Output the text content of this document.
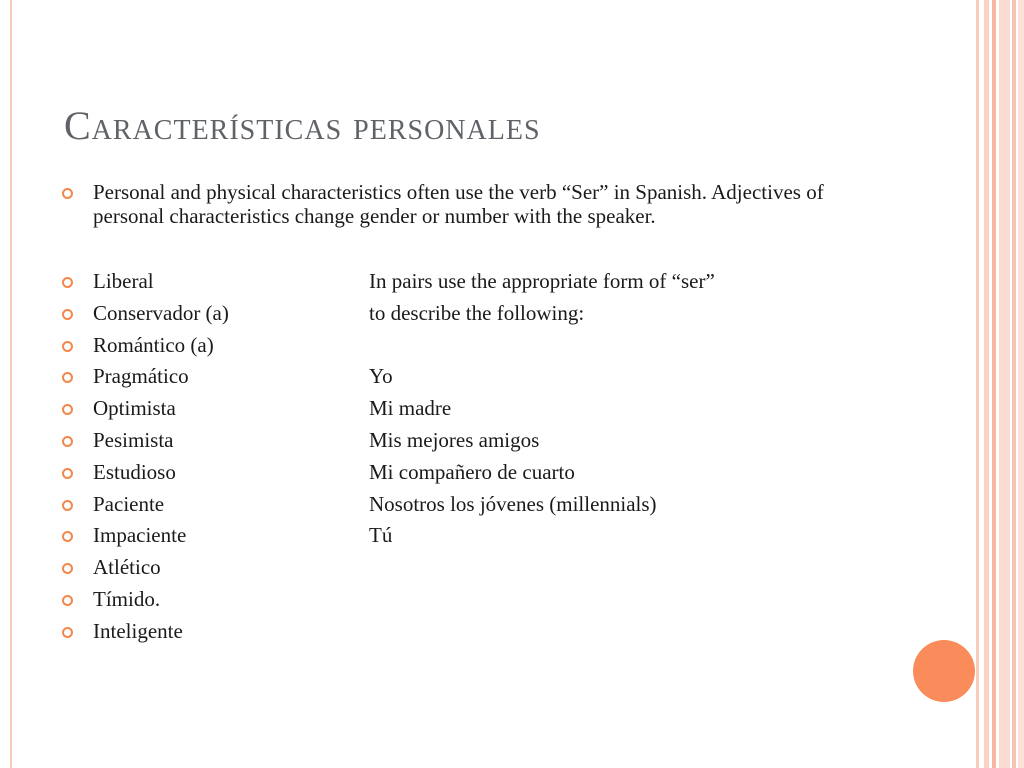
Características personales
Personal and physical characteristics often use the verb “Ser” in Spanish. Adjectives of personal characteristics change gender or number with the speaker.
Liberal	In pairs use the appropriate form of “ser”
Conservador (a)	to describe the following:
Romántico (a)
Pragmático	Yo
Optimista	Mi madre
Pesimista	Mis mejores amigos
Estudioso	Mi compañero de cuarto
Paciente	Nosotros los jóvenes (millennials)
Impaciente	Tú
Atlético
Tímido.
Inteligente
